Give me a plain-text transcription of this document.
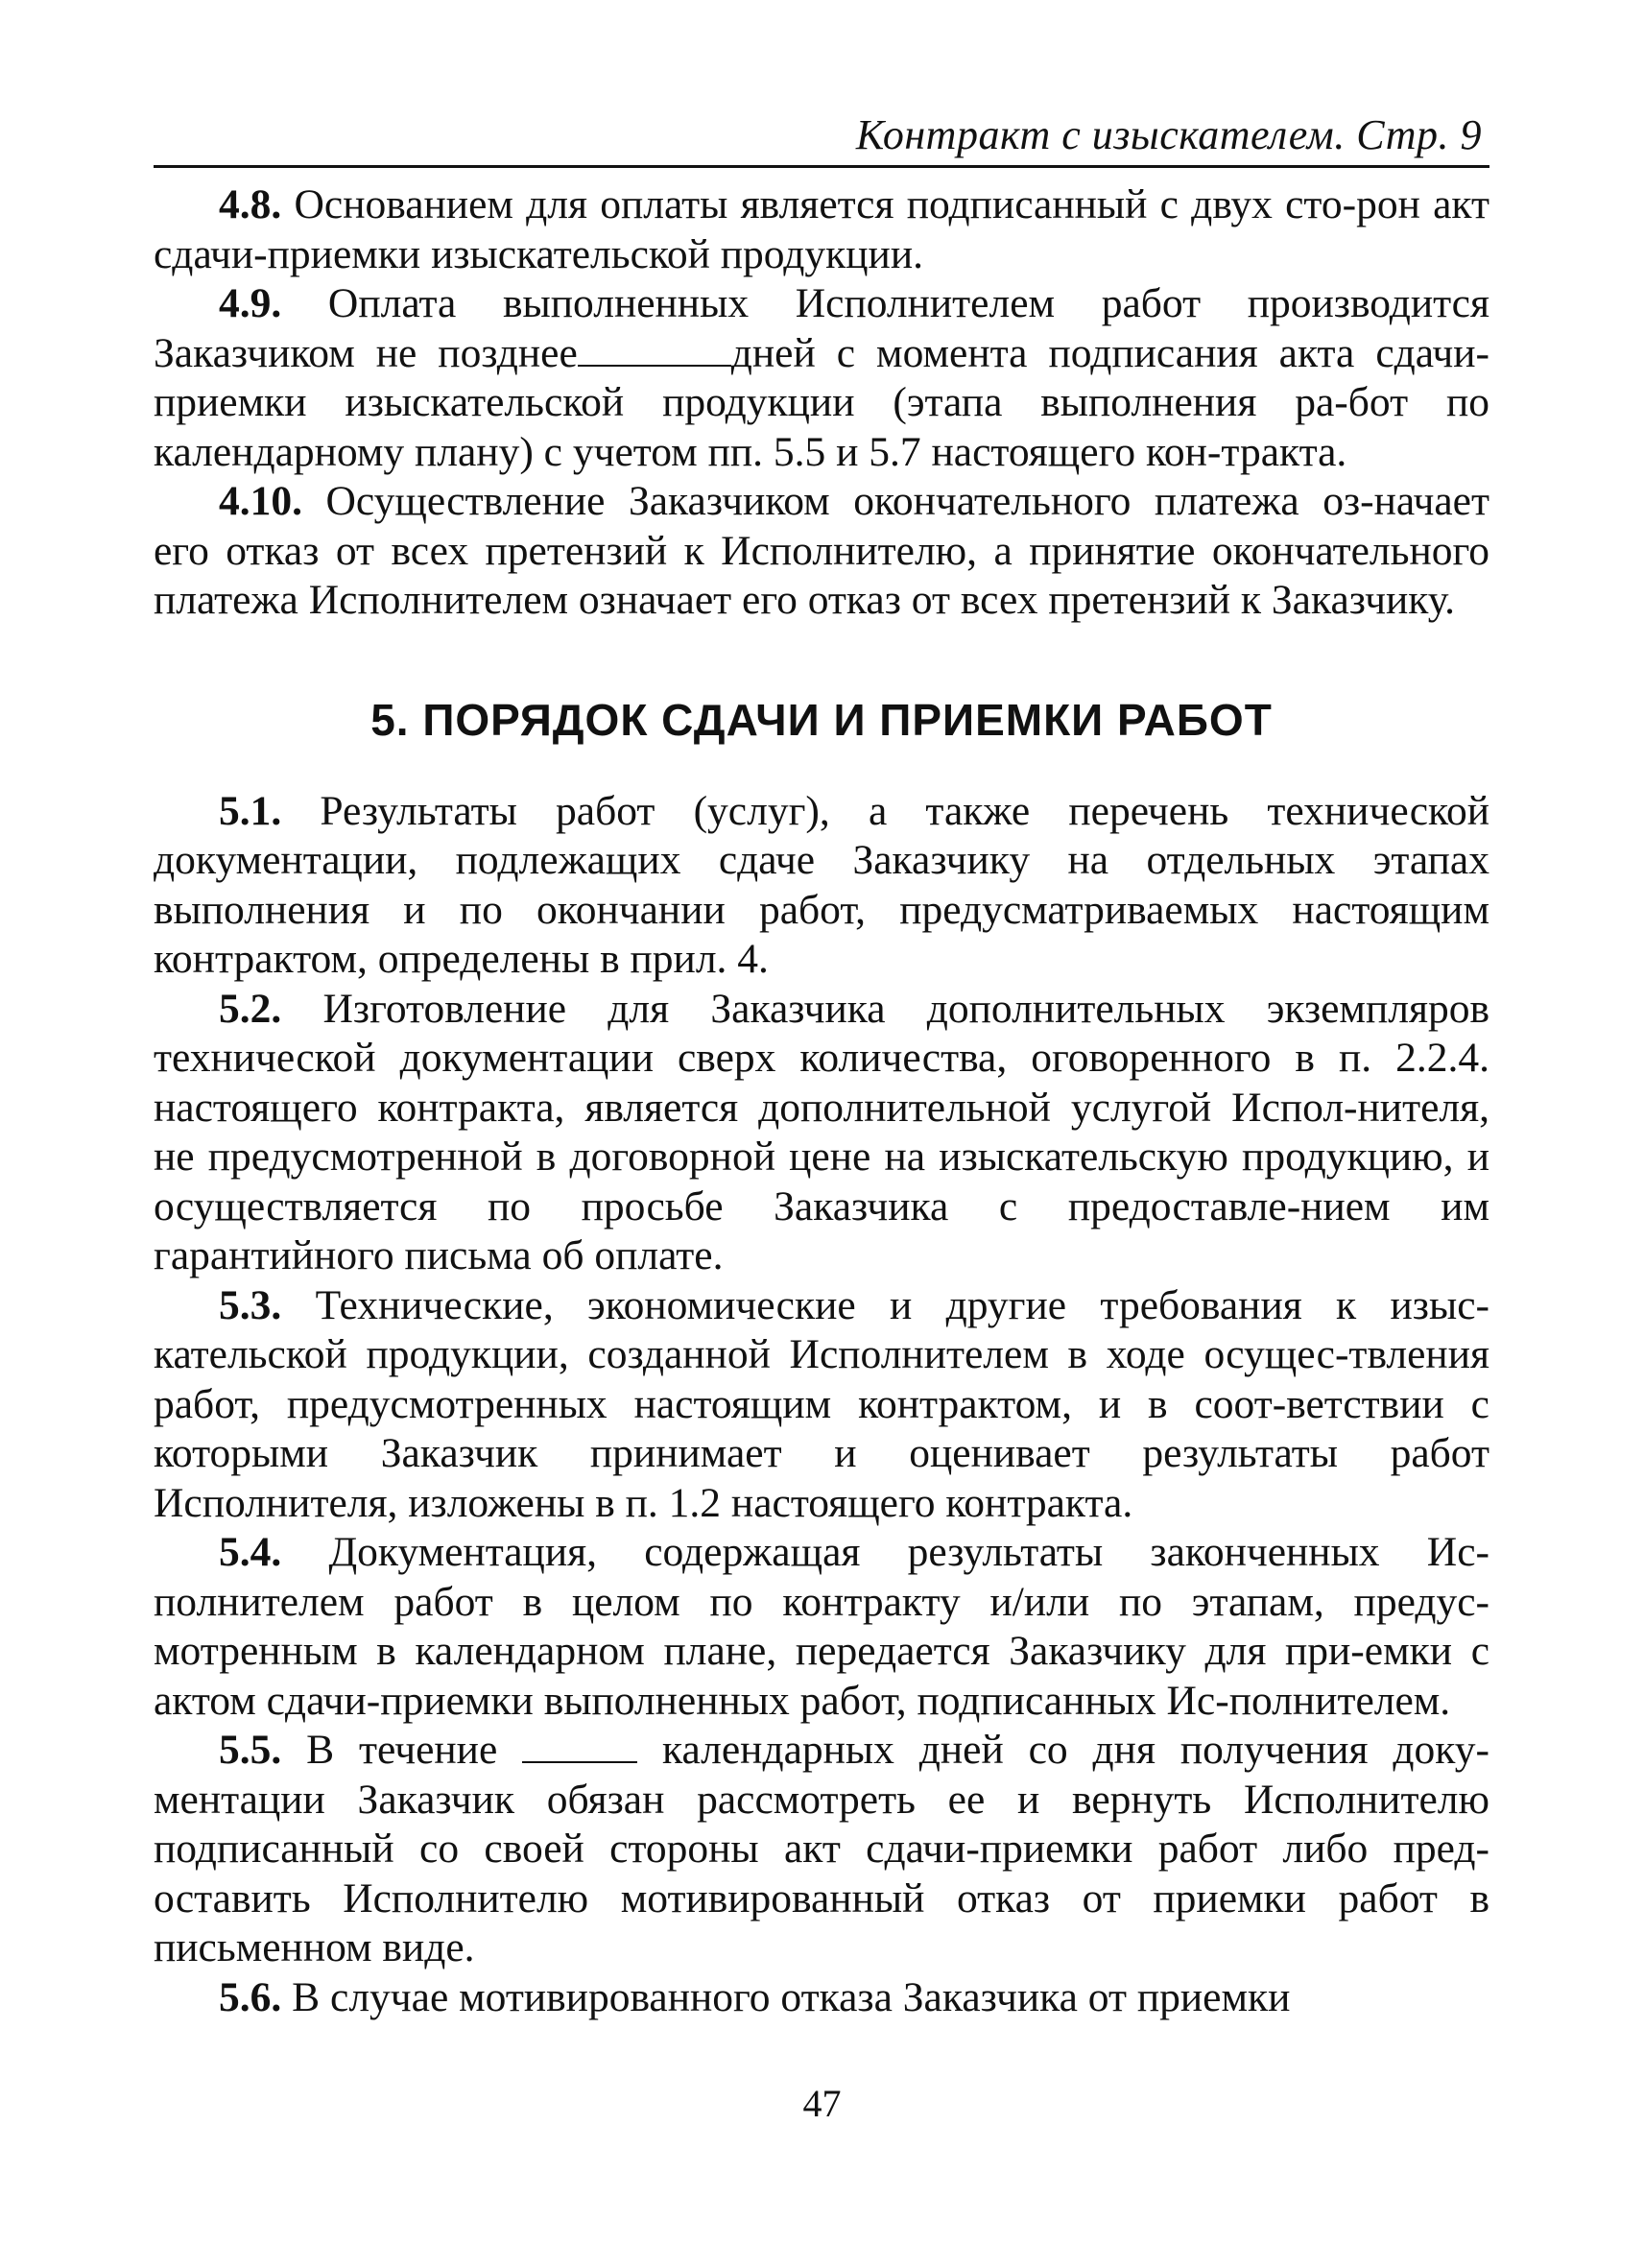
Контракт с изыскателем. Стр. 9

4.8. Основанием для оплаты является подписанный с двух сто-рон акт сдачи-приемки изыскательской продукции.

4.9. Оплата выполненных Исполнителем работ производится Заказчиком не позднее	дней с момента подписания акта сдачи-приемки изыскательской продукции (этапа выполнения ра-бот по календарному плану) с учетом пп. 5.5 и 5.7 настоящего кон-тракта.

4.10. Осуществление Заказчиком окончательного платежа оз-начает его отказ от всех претензий к Исполнителю, а принятие окончательного платежа Исполнителем означает его отказ от всех претензий к Заказчику.

5. ПОРЯДОК СДАЧИ И ПРИЕМКИ РАБОТ

5.1. Результаты работ (услуг), а также перечень технической документации, подлежащих сдаче Заказчику на отдельных этапах выполнения и по окончании работ, предусматриваемых настоящим контрактом, определены в прил. 4.

5.2. Изготовление для Заказчика дополнительных экземпляров технической документации сверх количества, оговоренного в п. 2.2.4. настоящего контракта, является дополнительной услугой Испол-нителя, не предусмотренной в договорной цене на изыскательскую продукцию, и осуществляется по просьбе Заказчика с предоставле-нием им гарантийного письма об оплате.

5.3. Технические, экономические и другие требования к изыс-кательской продукции, созданной Исполнителем в ходе осущес-твления работ, предусмотренных настоящим контрактом, и в соот-ветствии с которыми Заказчик принимает и оценивает результаты работ Исполнителя, изложены в п. 1.2 настоящего контракта.

5.4. Документация, содержащая результаты законченных Ис-полнителем работ в целом по контракту и/или по этапам, предус-мотренным в календарном плане, передается Заказчику для при-емки с актом сдачи-приемки выполненных работ, подписанных Ис-полнителем.

5.5. В течение	календарных дней со дня получения доку-ментации Заказчик обязан рассмотреть ее и вернуть Исполнителю подписанный со своей стороны акт сдачи-приемки работ либо пред-оставить Исполнителю мотивированный отказ от приемки работ в письменном виде.

5.6. В случае мотивированного отказа Заказчика от приемки

47
